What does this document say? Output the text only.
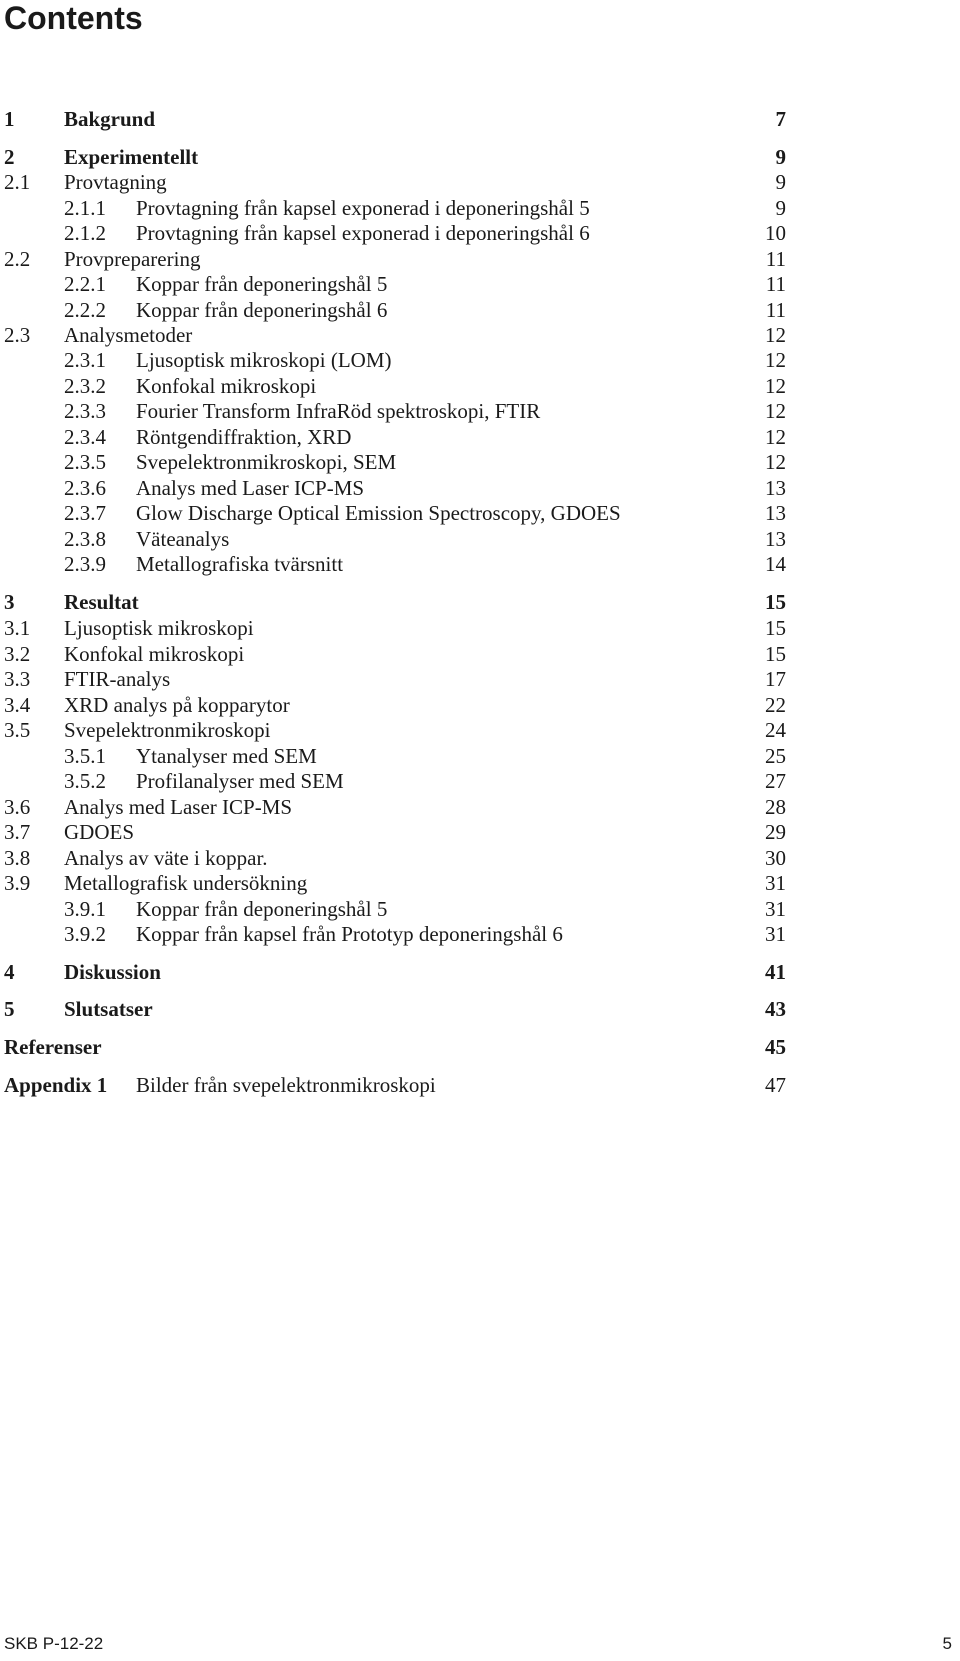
Contents
1 Bakgrund	7
2 Experimentellt	9
2.1 Provtagning	9
2.1.1 Provtagning från kapsel exponerad i deponeringshål 5	9
2.1.2 Provtagning från kapsel exponerad i deponeringshål 6	10
2.2 Provpreparering	11
2.2.1 Koppar från deponeringshål 5	11
2.2.2 Koppar från deponeringshål 6	11
2.3 Analysmetoder	12
2.3.1 Ljusoptisk mikroskopi (LOM)	12
2.3.2 Konfokal mikroskopi	12
2.3.3 Fourier Transform InfraRöd spektroskopi, FTIR	12
2.3.4 Röntgendiffraktion, XRD	12
2.3.5 Svepelektronmikroskopi, SEM	12
2.3.6 Analys med Laser ICP-MS	13
2.3.7 Glow Discharge Optical Emission Spectroscopy, GDOES	13
2.3.8 Väteanalys	13
2.3.9 Metallografiska tvärsnitt	14
3 Resultat	15
3.1 Ljusoptisk mikroskopi	15
3.2 Konfokal mikroskopi	15
3.3 FTIR-analys	17
3.4 XRD analys på kopparytor	22
3.5 Svepelektronmikroskopi	24
3.5.1 Ytanalyser med SEM	25
3.5.2 Profilanalyser med SEM	27
3.6 Analys med Laser ICP-MS	28
3.7 GDOES	29
3.8 Analys av väte i koppar.	30
3.9 Metallografisk undersökning	31
3.9.1 Koppar från deponeringshål 5	31
3.9.2 Koppar från kapsel från Prototyp deponeringshål 6	31
4 Diskussion	41
5 Slutsatser	43
Referenser	45
Appendix 1 Bilder från svepelektronmikroskopi	47
SKB P-12-22	5
